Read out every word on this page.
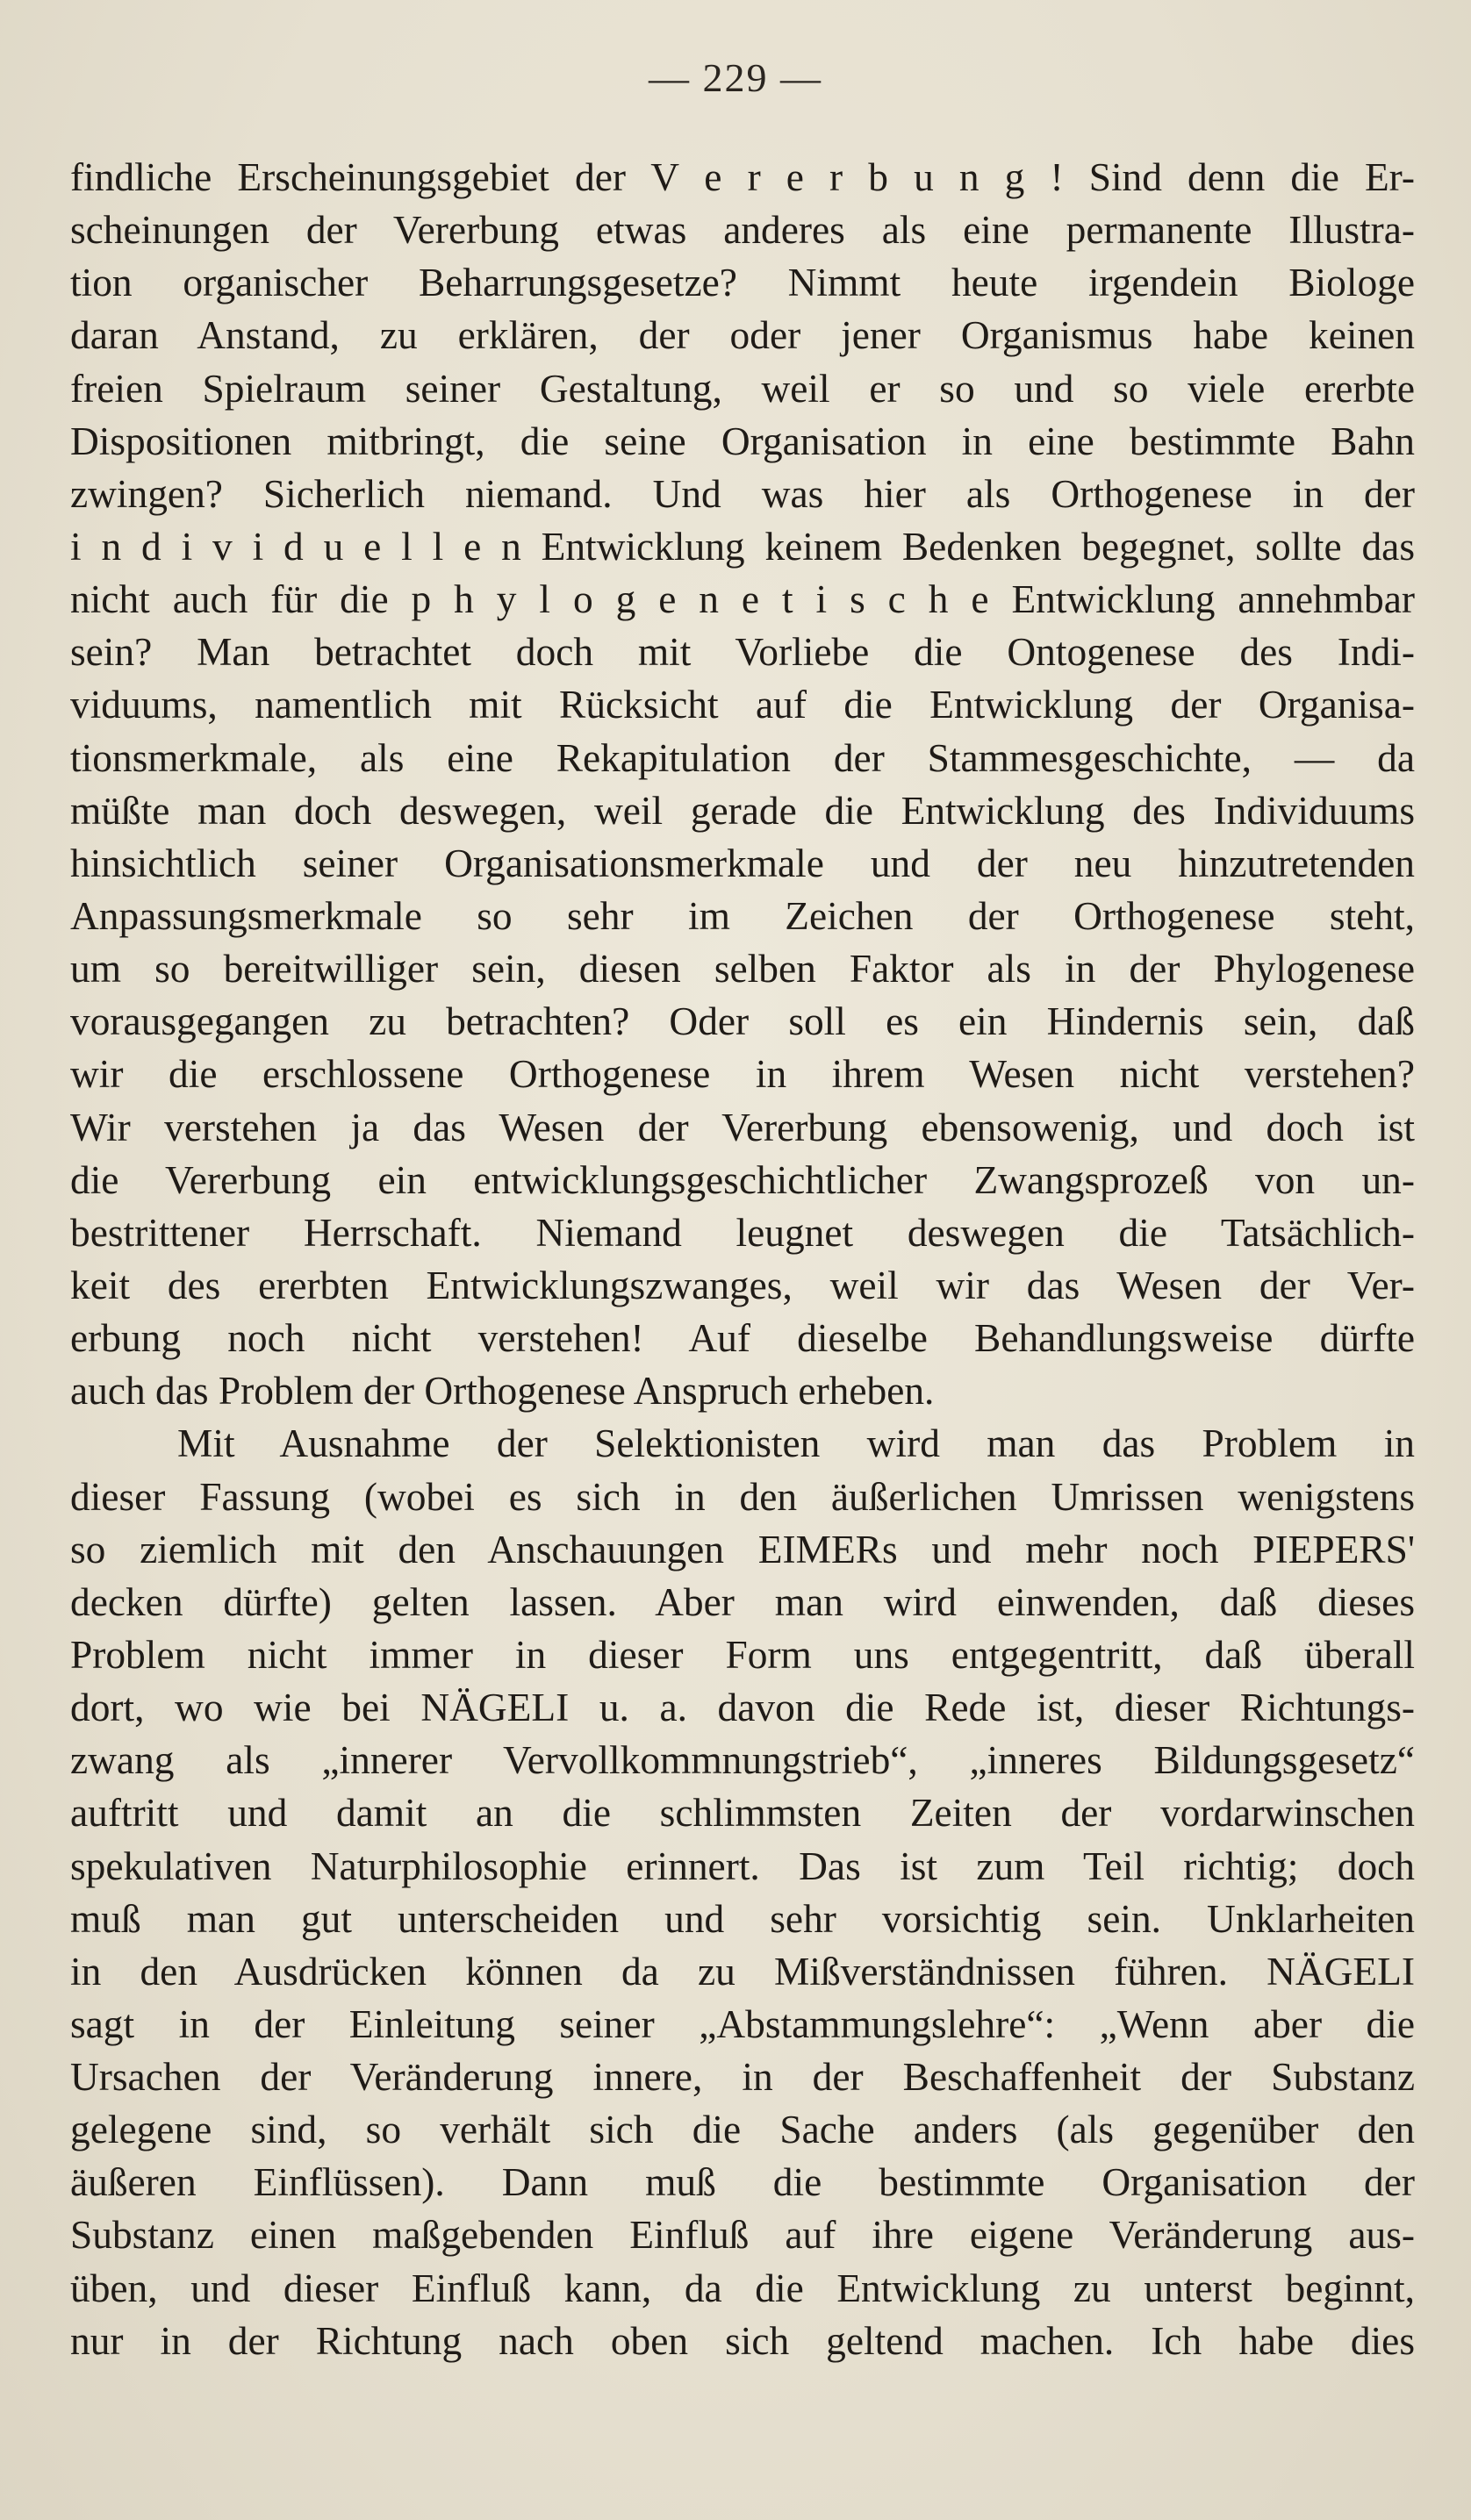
— 229 —
findliche Erscheinungsgebiet der V e r e r b u n g ! Sind denn die Er-
scheinungen der Vererbung etwas anderes als eine permanente Illustra-
tion organischer Beharrungsgesetze? Nimmt heute irgendein Biologe
daran Anstand, zu erklären, der oder jener Organismus habe keinen
freien Spielraum seiner Gestaltung, weil er so und so viele ererbte
Dispositionen mitbringt, die seine Organisation in eine bestimmte Bahn
zwingen? Sicherlich niemand. Und was hier als Orthogenese in der
i n d i v i d u e l l e n Entwicklung keinem Bedenken begegnet, sollte das
nicht auch für die p h y l o g e n e t i s c h e Entwicklung annehmbar
sein? Man betrachtet doch mit Vorliebe die Ontogenese des Indi-
viduums, namentlich mit Rücksicht auf die Entwicklung der Organisa-
tionsmerkmale, als eine Rekapitulation der Stammesgeschichte, — da
müßte man doch deswegen, weil gerade die Entwicklung des Individuums
hinsichtlich seiner Organisationsmerkmale und der neu hinzutretenden
Anpassungsmerkmale so sehr im Zeichen der Orthogenese steht,
um so bereitwilliger sein, diesen selben Faktor als in der Phylogenese
vorausgegangen zu betrachten? Oder soll es ein Hindernis sein, daß
wir die erschlossene Orthogenese in ihrem Wesen nicht verstehen?
Wir verstehen ja das Wesen der Vererbung ebensowenig, und doch ist
die Vererbung ein entwicklungsgeschichtlicher Zwangsprozeß von un-
bestrittener Herrschaft. Niemand leugnet deswegen die Tatsächlich-
keit des ererbten Entwicklungszwanges, weil wir das Wesen der Ver-
erbung noch nicht verstehen! Auf dieselbe Behandlungsweise dürfte
auch das Problem der Orthogenese Anspruch erheben.
Mit Ausnahme der Selektionisten wird man das Problem in
dieser Fassung (wobei es sich in den äußerlichen Umrissen wenigstens
so ziemlich mit den Anschauungen EIMERs und mehr noch PIEPERS'
decken dürfte) gelten lassen. Aber man wird einwenden, daß dieses
Problem nicht immer in dieser Form uns entgegentritt, daß überall
dort, wo wie bei NÄGELI u. a. davon die Rede ist, dieser Richtungs-
zwang als „innerer Vervollkommnungstrieb“, „inneres Bildungsgesetz“
auftritt und damit an die schlimmsten Zeiten der vordarwinschen
spekulativen Naturphilosophie erinnert. Das ist zum Teil richtig; doch
muß man gut unterscheiden und sehr vorsichtig sein. Unklarheiten
in den Ausdrücken können da zu Mißverständnissen führen. NÄGELI
sagt in der Einleitung seiner „Abstammungslehre“: „Wenn aber die
Ursachen der Veränderung innere, in der Beschaffenheit der Substanz
gelegene sind, so verhält sich die Sache anders (als gegenüber den
äußeren Einflüssen). Dann muß die bestimmte Organisation der
Substanz einen maßgebenden Einfluß auf ihre eigene Veränderung aus-
üben, und dieser Einfluß kann, da die Entwicklung zu unterst beginnt,
nur in der Richtung nach oben sich geltend machen. Ich habe dies
